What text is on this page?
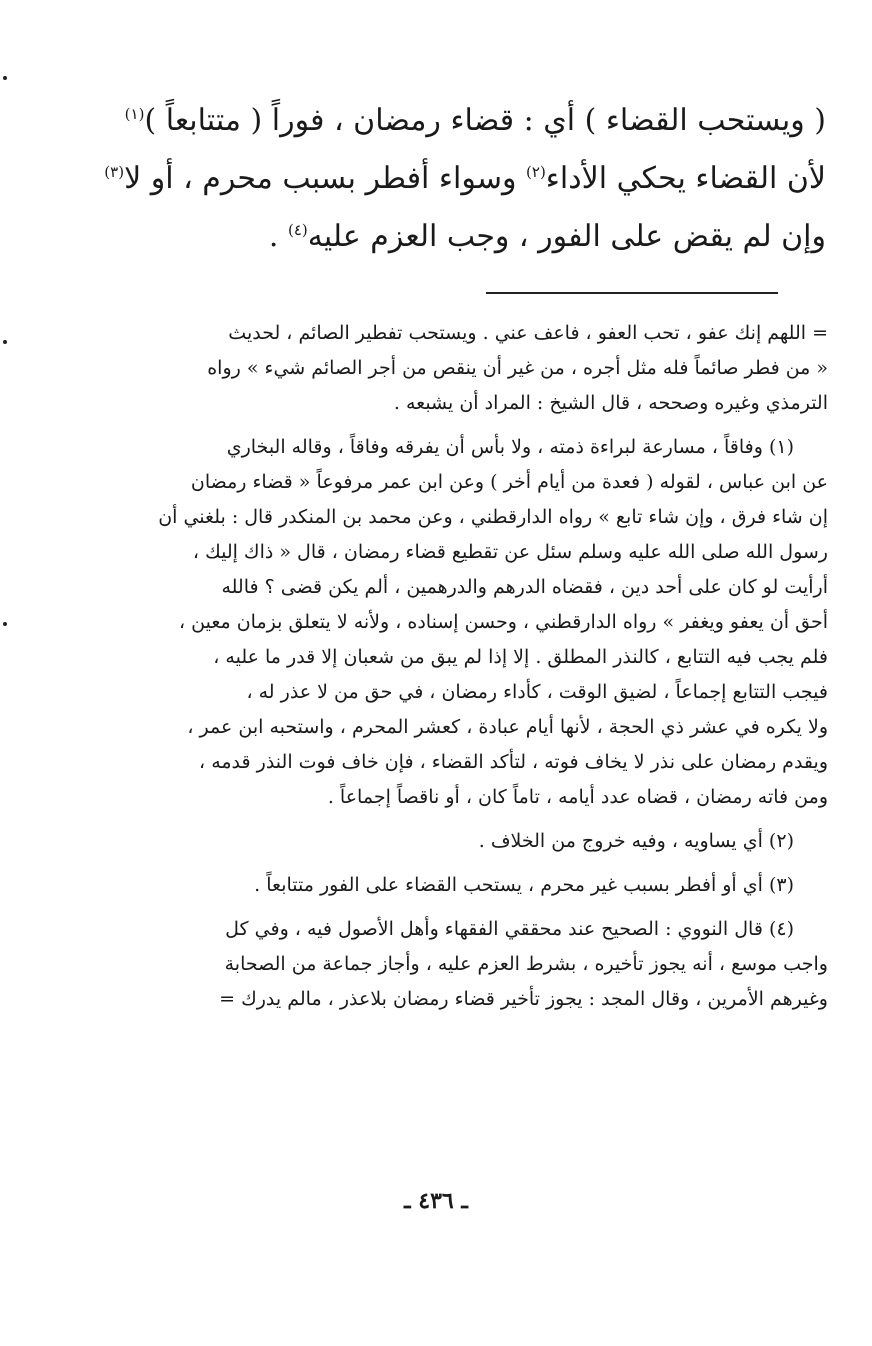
( ويستحب القضاء ) أي : قضاء رمضان ، فوراً ( متتابعاً )$^{(١)}$
لأن القضاء يحكي الأداء$^{(٢)}$ وسواء أفطر بسبب محرم ، أو لا$^{(٣)}$
وإن لم يقض على الفور ، وجب العزم عليه$^{(٤)}$ .
= اللهم إنك عفو ، تحب العفو ، فاعف عني . ويستحب تفطير الصائم ، لحديث
« من فطر صائماً فله مثل أجره ، من غير أن ينقص من أجر الصائم شيء » رواه
الترمذي وغيره وصححه ، قال الشيخ : المراد أن يشبعه .
(١) وفاقاً ، مسارعة لبراءة ذمته ، ولا بأس أن يفرقه وفاقاً ، وقاله البخاري
عن ابن عباس ، لقوله ( فعدة من أيام أخر ) وعن ابن عمر مرفوعاً « قضاء رمضان
إن شاء فرق ، وإن شاء تابع » رواه الدارقطني ، وعن محمد بن المنكدر قال : بلغني أن
رسول الله صلى الله عليه وسلم سئل عن تقطيع قضاء رمضان ، قال « ذاك إليك ،
أرأيت لو كان على أحد دين ، فقضاه الدرهم والدرهمين ، ألم يكن قضى ؟ فالله
أحق أن يعفو ويغفر » رواه الدارقطني ، وحسن إسناده ، ولأنه لا يتعلق بزمان معين ،
فلم يجب فيه التتابع ، كالنذر المطلق . إلا إذا لم يبق من شعبان إلا قدر ما عليه ،
فيجب التتابع إجماعاً ، لضيق الوقت ، كأداء رمضان ، في حق من لا عذر له ،
ولا يكره في عشر ذي الحجة ، لأنها أيام عبادة ، كعشر المحرم ، واستحبه ابن عمر ،
ويقدم رمضان على نذر لا يخاف فوته ، لتأكد القضاء ، فإن خاف فوت النذر قدمه ،
ومن فاته رمضان ، قضاه عدد أيامه ، تاماً كان ، أو ناقصاً إجماعاً .
(٢) أي يساويه ، وفيه خروج من الخلاف .
(٣) أي أو أفطر بسبب غير محرم ، يستحب القضاء على الفور متتابعاً .
(٤) قال النووي : الصحيح عند محققي الفقهاء وأهل الأصول فيه ، وفي كل
واجب موسع ، أنه يجوز تأخيره ، بشرط العزم عليه ، وأجاز جماعة من الصحابة
وغيرهم الأمرين ، وقال المجد : يجوز تأخير قضاء رمضان بلاعذر ، مالم يدرك =
ـ ٤٣٦ ـ
